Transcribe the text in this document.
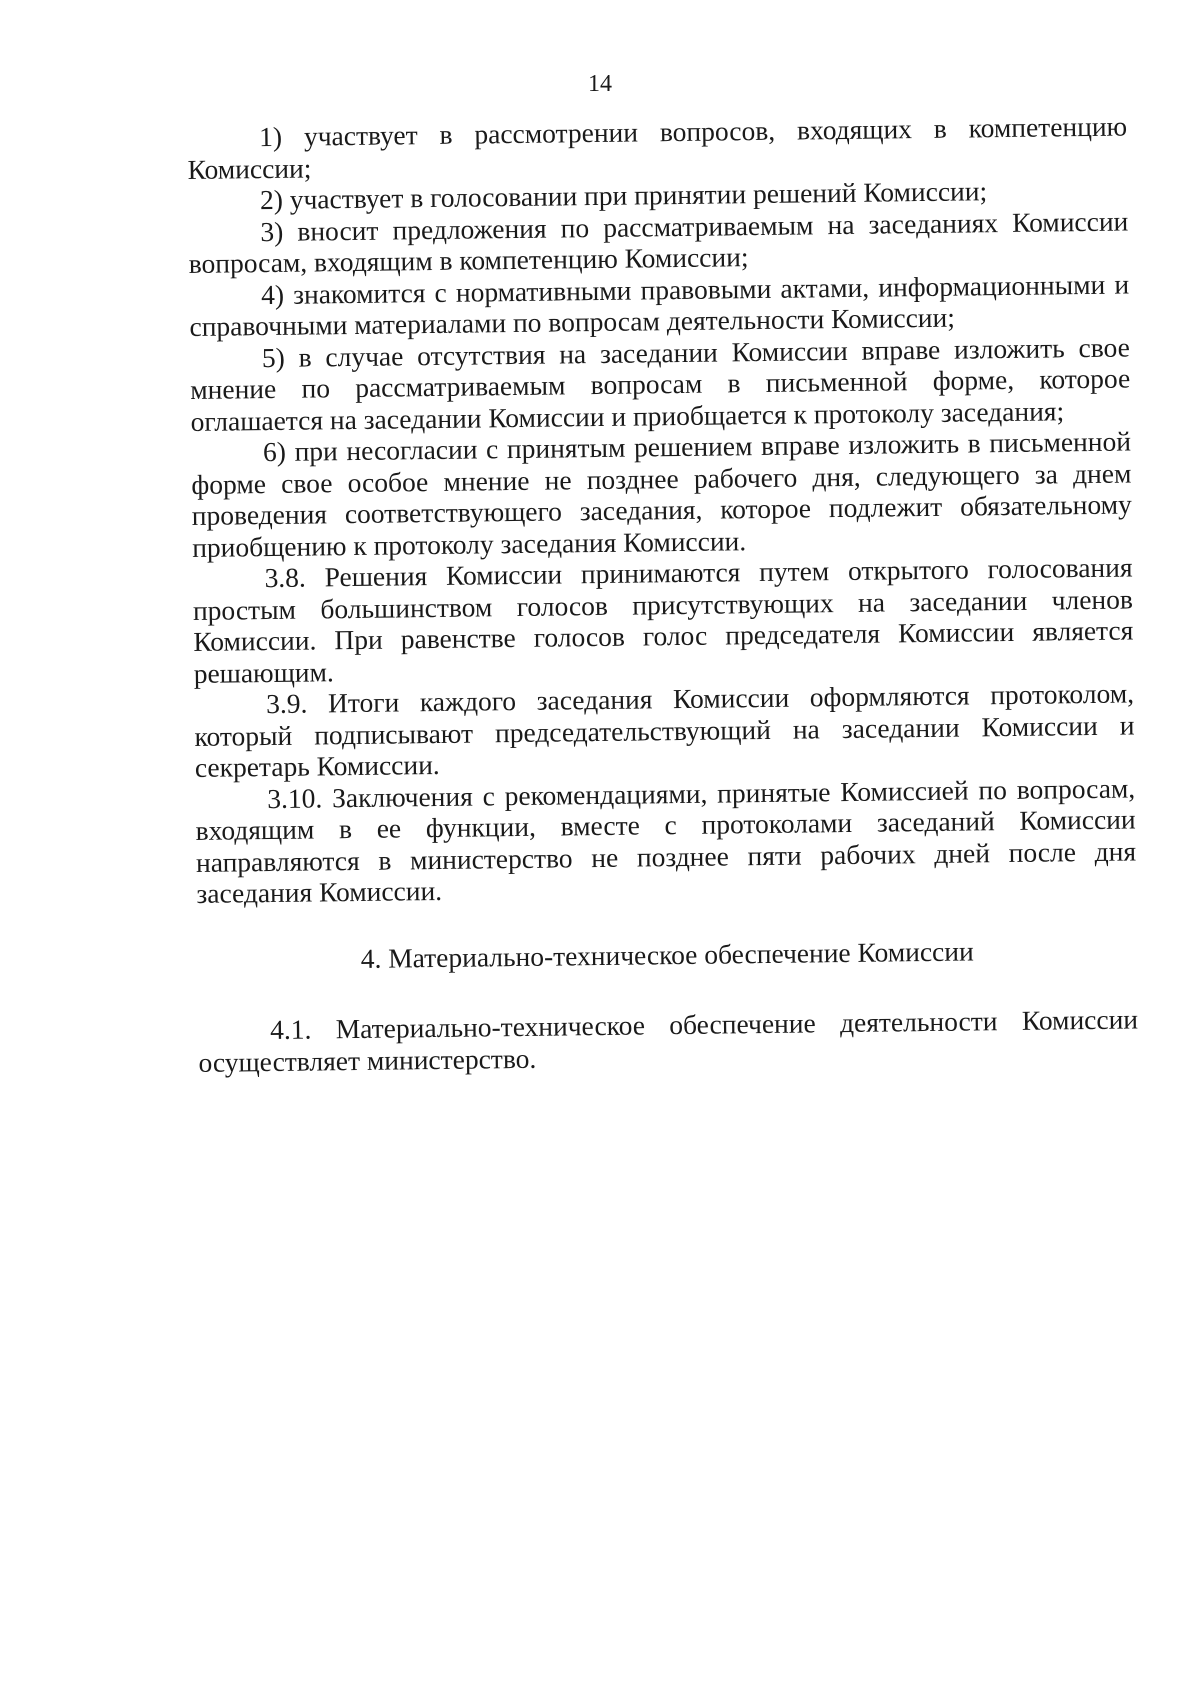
14

1) участвует в рассмотрении вопросов, входящих в компетенцию Комиссии;

2) участвует в голосовании при принятии решений Комиссии;

3) вносит предложения по рассматриваемым на заседаниях Комиссии вопросам, входящим в компетенцию Комиссии;

4) знакомится с нормативными правовыми актами, информационными и справочными материалами по вопросам деятельности Комиссии;

5) в случае отсутствия на заседании Комиссии вправе изложить свое мнение по рассматриваемым вопросам в письменной форме, которое оглашается на заседании Комиссии и приобщается к протоколу заседания;

6) при несогласии с принятым решением вправе изложить в письменной форме свое особое мнение не позднее рабочего дня, следующего за днем проведения соответствующего заседания, которое подлежит обязательному приобщению к протоколу заседания Комиссии.

3.8. Решения Комиссии принимаются путем открытого голосования простым большинством голосов присутствующих на заседании членов Комиссии. При равенстве голосов голос председателя Комиссии является решающим.

3.9. Итоги каждого заседания Комиссии оформляются протоколом, который подписывают председательствующий на заседании Комиссии и секретарь Комиссии.

3.10. Заключения с рекомендациями, принятые Комиссией по вопросам, входящим в ее функции, вместе с протоколами заседаний Комиссии направляются в министерство не позднее пяти рабочих дней после дня заседания Комиссии.

4. Материально-техническое обеспечение Комиссии

4.1. Материально-техническое обеспечение деятельности Комиссии осуществляет министерство.
